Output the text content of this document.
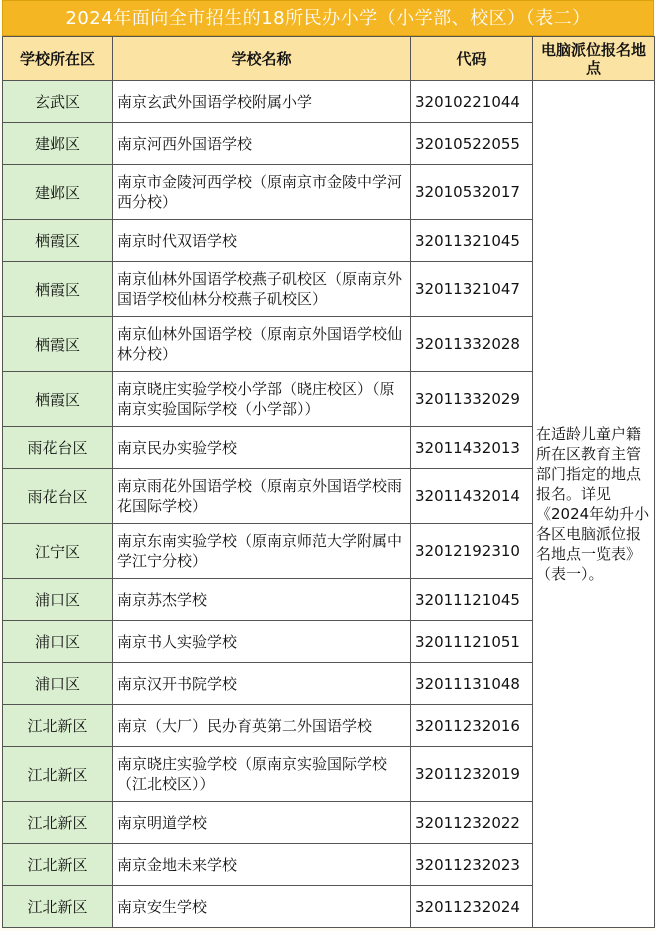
2024年面向全市招生的18所民办小学（小学部、校区）（表二）
学校所在区	学校名称	代码	电脑派位报名地点
玄武区	南京玄武外国语学校附属小学	32010221044	在适龄儿童户籍所在区教育主管部门指定的地点报名。详见《2024年幼升小各区电脑派位报名地点一览表》（表一）。
建邺区	南京河西外国语学校	32010522055	
建邺区	南京市金陵河西学校（原南京市金陵中学河西分校）	32010532017	
栖霞区	南京时代双语学校	32011321045	
栖霞区	南京仙林外国语学校燕子矶校区（原南京外国语学校仙林分校燕子矶校区）	32011321047	
栖霞区	南京仙林外国语学校（原南京外国语学校仙林分校）	32011332028	
栖霞区	南京晓庄实验学校小学部（晓庄校区）（原南京实验国际学校（小学部））	32011332029	
雨花台区	南京民办实验学校	32011432013	
雨花台区	南京雨花外国语学校（原南京外国语学校雨花国际学校）	32011432014	
江宁区	南京东南实验学校（原南京师范大学附属中学江宁分校）	32012192310	
浦口区	南京苏杰学校	32011121045	
浦口区	南京书人实验学校	32011121051	
浦口区	南京汉开书院学校	32011131048	
江北新区	南京（大厂）民办育英第二外国语学校	32011232016	
江北新区	南京晓庄实验学校（原南京实验国际学校（江北校区））	32011232019	
江北新区	南京明道学校	32011232022	
江北新区	南京金地未来学校	32011232023	
江北新区	南京安生学校	32011232024	
